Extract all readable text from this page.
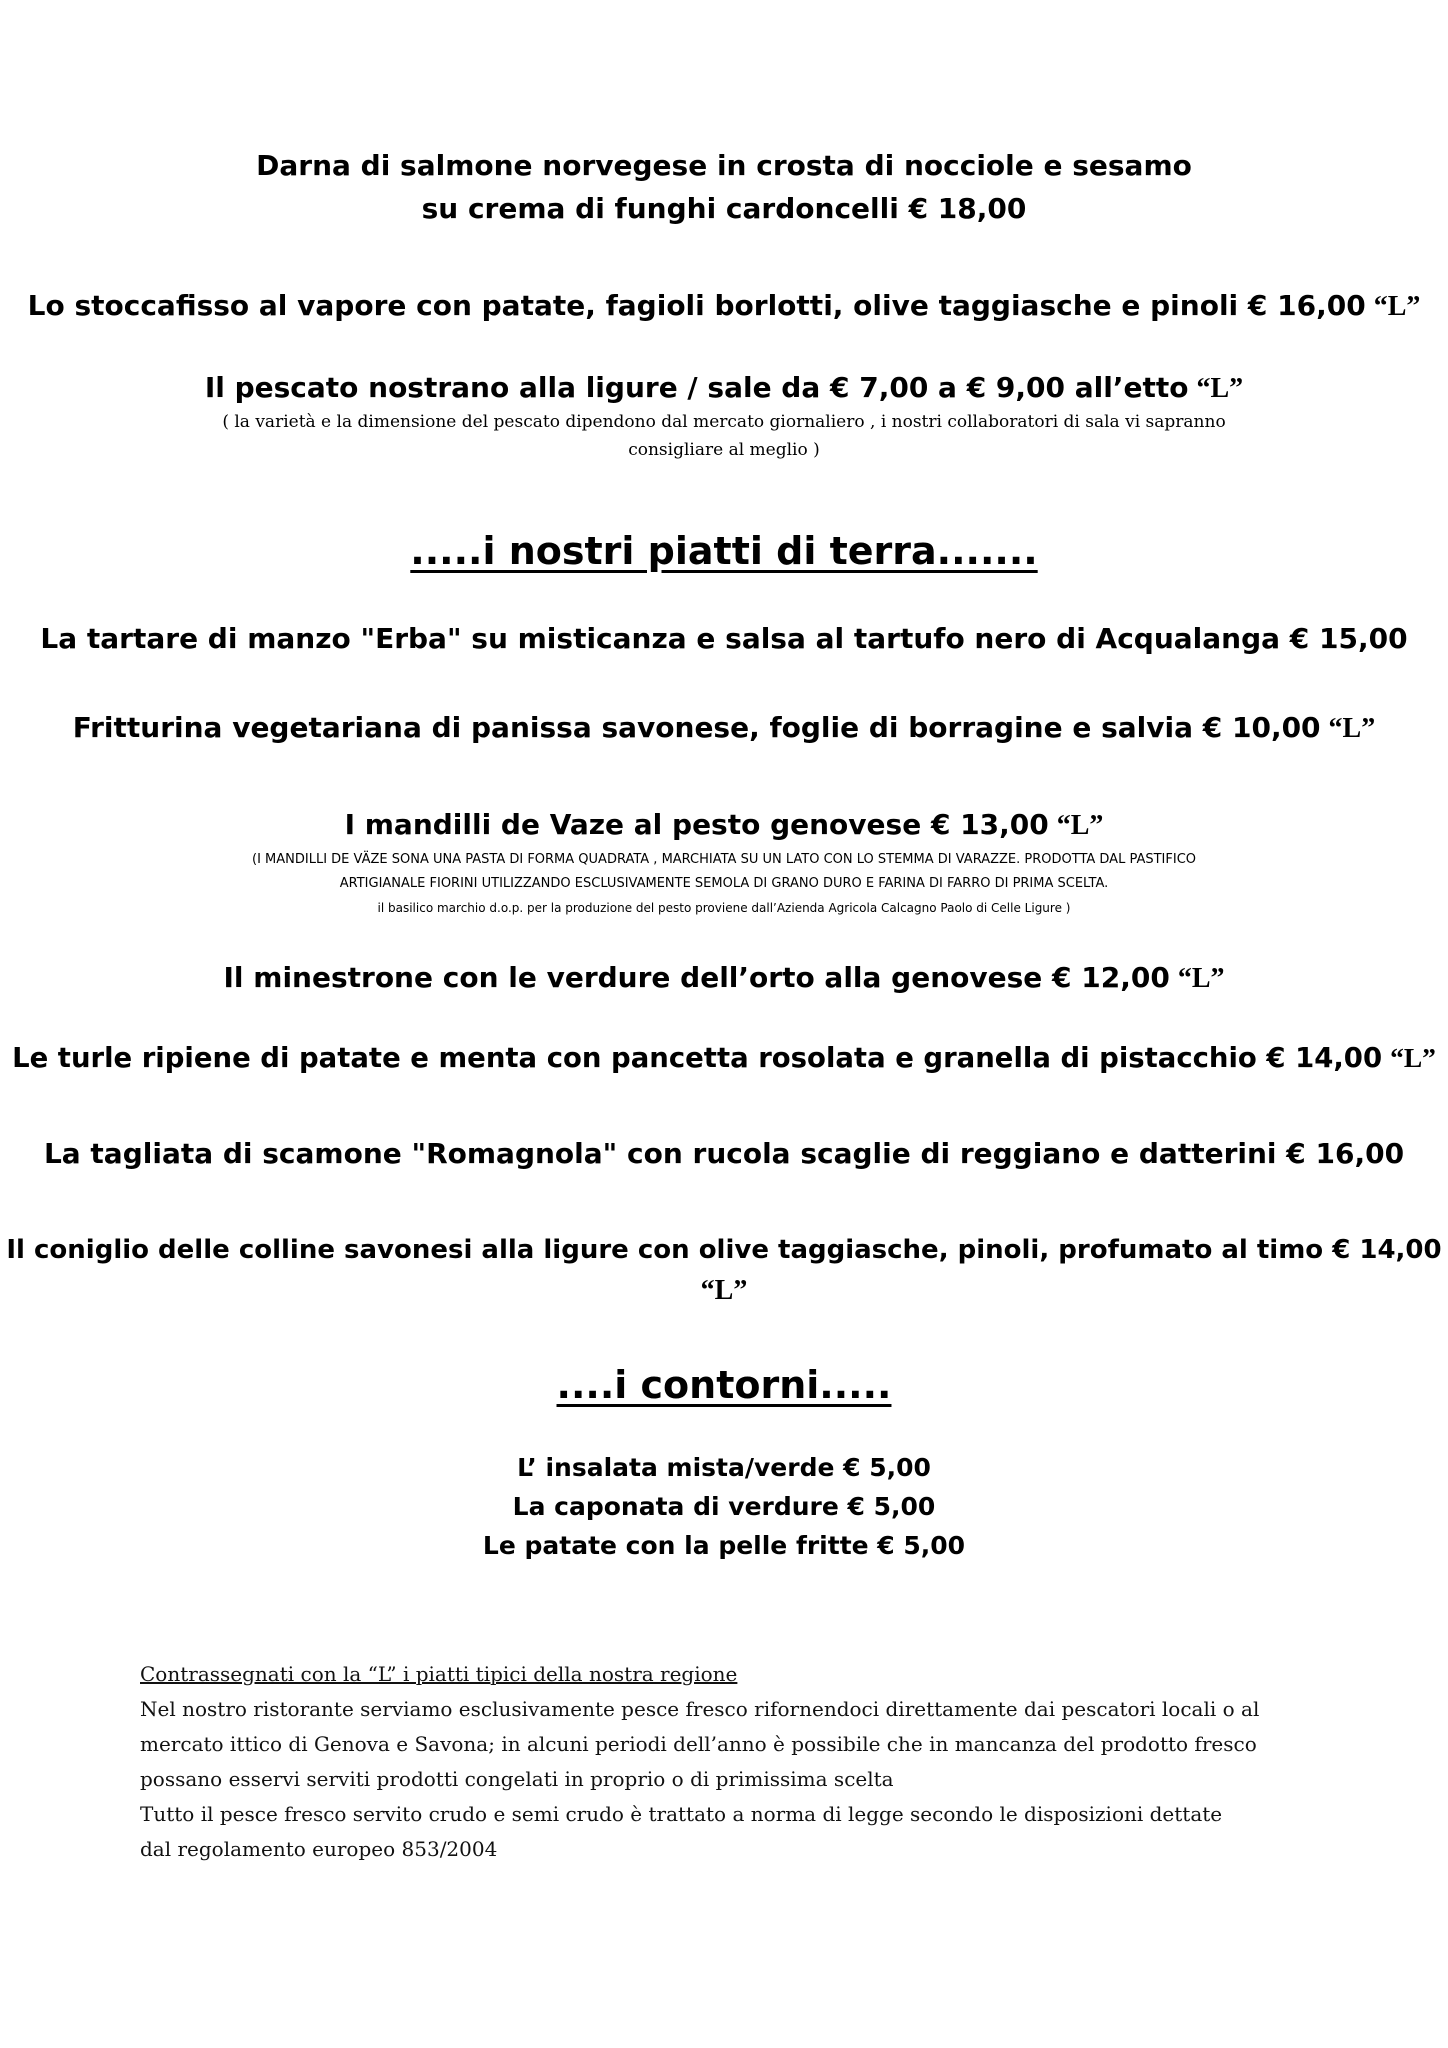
Darna di salmone norvegese in crosta di nocciole e sesamo
su crema di funghi cardoncelli € 18,00
Lo stoccafisso al vapore con patate, fagioli borlotti, olive taggiasche e pinoli € 16,00 “L”
Il pescato nostrano alla ligure / sale da € 7,00 a € 9,00 all’etto “L”
( la varietà e la dimensione del pescato dipendono dal mercato giornaliero , i nostri collaboratori di sala vi sapranno
consigliare al meglio )
.....i nostri piatti di terra.......
La tartare di manzo "Erba" su misticanza e salsa al tartufo nero di Acqualanga € 15,00
Fritturina vegetariana di panissa savonese, foglie di borragine e salvia € 10,00 “L”
I mandilli de Vaze al pesto genovese € 13,00 “L”
(I MANDILLI DE VÄZE SONA UNA PASTA DI FORMA QUADRATA , MARCHIATA SU UN LATO CON LO STEMMA DI VARAZZE. PRODOTTA DAL PASTIFICO
ARTIGIANALE FIORINI UTILIZZANDO ESCLUSIVAMENTE SEMOLA DI GRANO DURO E FARINA DI FARRO DI PRIMA SCELTA.
il basilico marchio d.o.p. per la produzione del pesto proviene dall’Azienda Agricola Calcagno Paolo di Celle Ligure )
Il minestrone con le verdure dell’orto alla genovese € 12,00 “L”
Le turle ripiene di patate e menta con pancetta rosolata e granella di pistacchio € 14,00 “L”
La tagliata di scamone "Romagnola" con rucola scaglie di reggiano e datterini € 16,00
Il coniglio delle colline savonesi alla ligure con olive taggiasche, pinoli, profumato al timo € 14,00
“L”
....i contorni.....
L’ insalata mista/verde € 5,00
La caponata di verdure € 5,00
Le patate con la pelle fritte € 5,00
Contrassegnati con la “L” i piatti tipici della nostra regione
Nel nostro ristorante serviamo esclusivamente pesce fresco rifornendoci direttamente dai pescatori locali o al
mercato ittico di Genova e Savona; in alcuni periodi dell’anno è possibile che in mancanza del prodotto fresco
possano esservi serviti prodotti congelati in proprio o di primissima scelta
Tutto il pesce fresco servito crudo e semi crudo è trattato a norma di legge secondo le disposizioni dettate
dal regolamento europeo 853/2004
